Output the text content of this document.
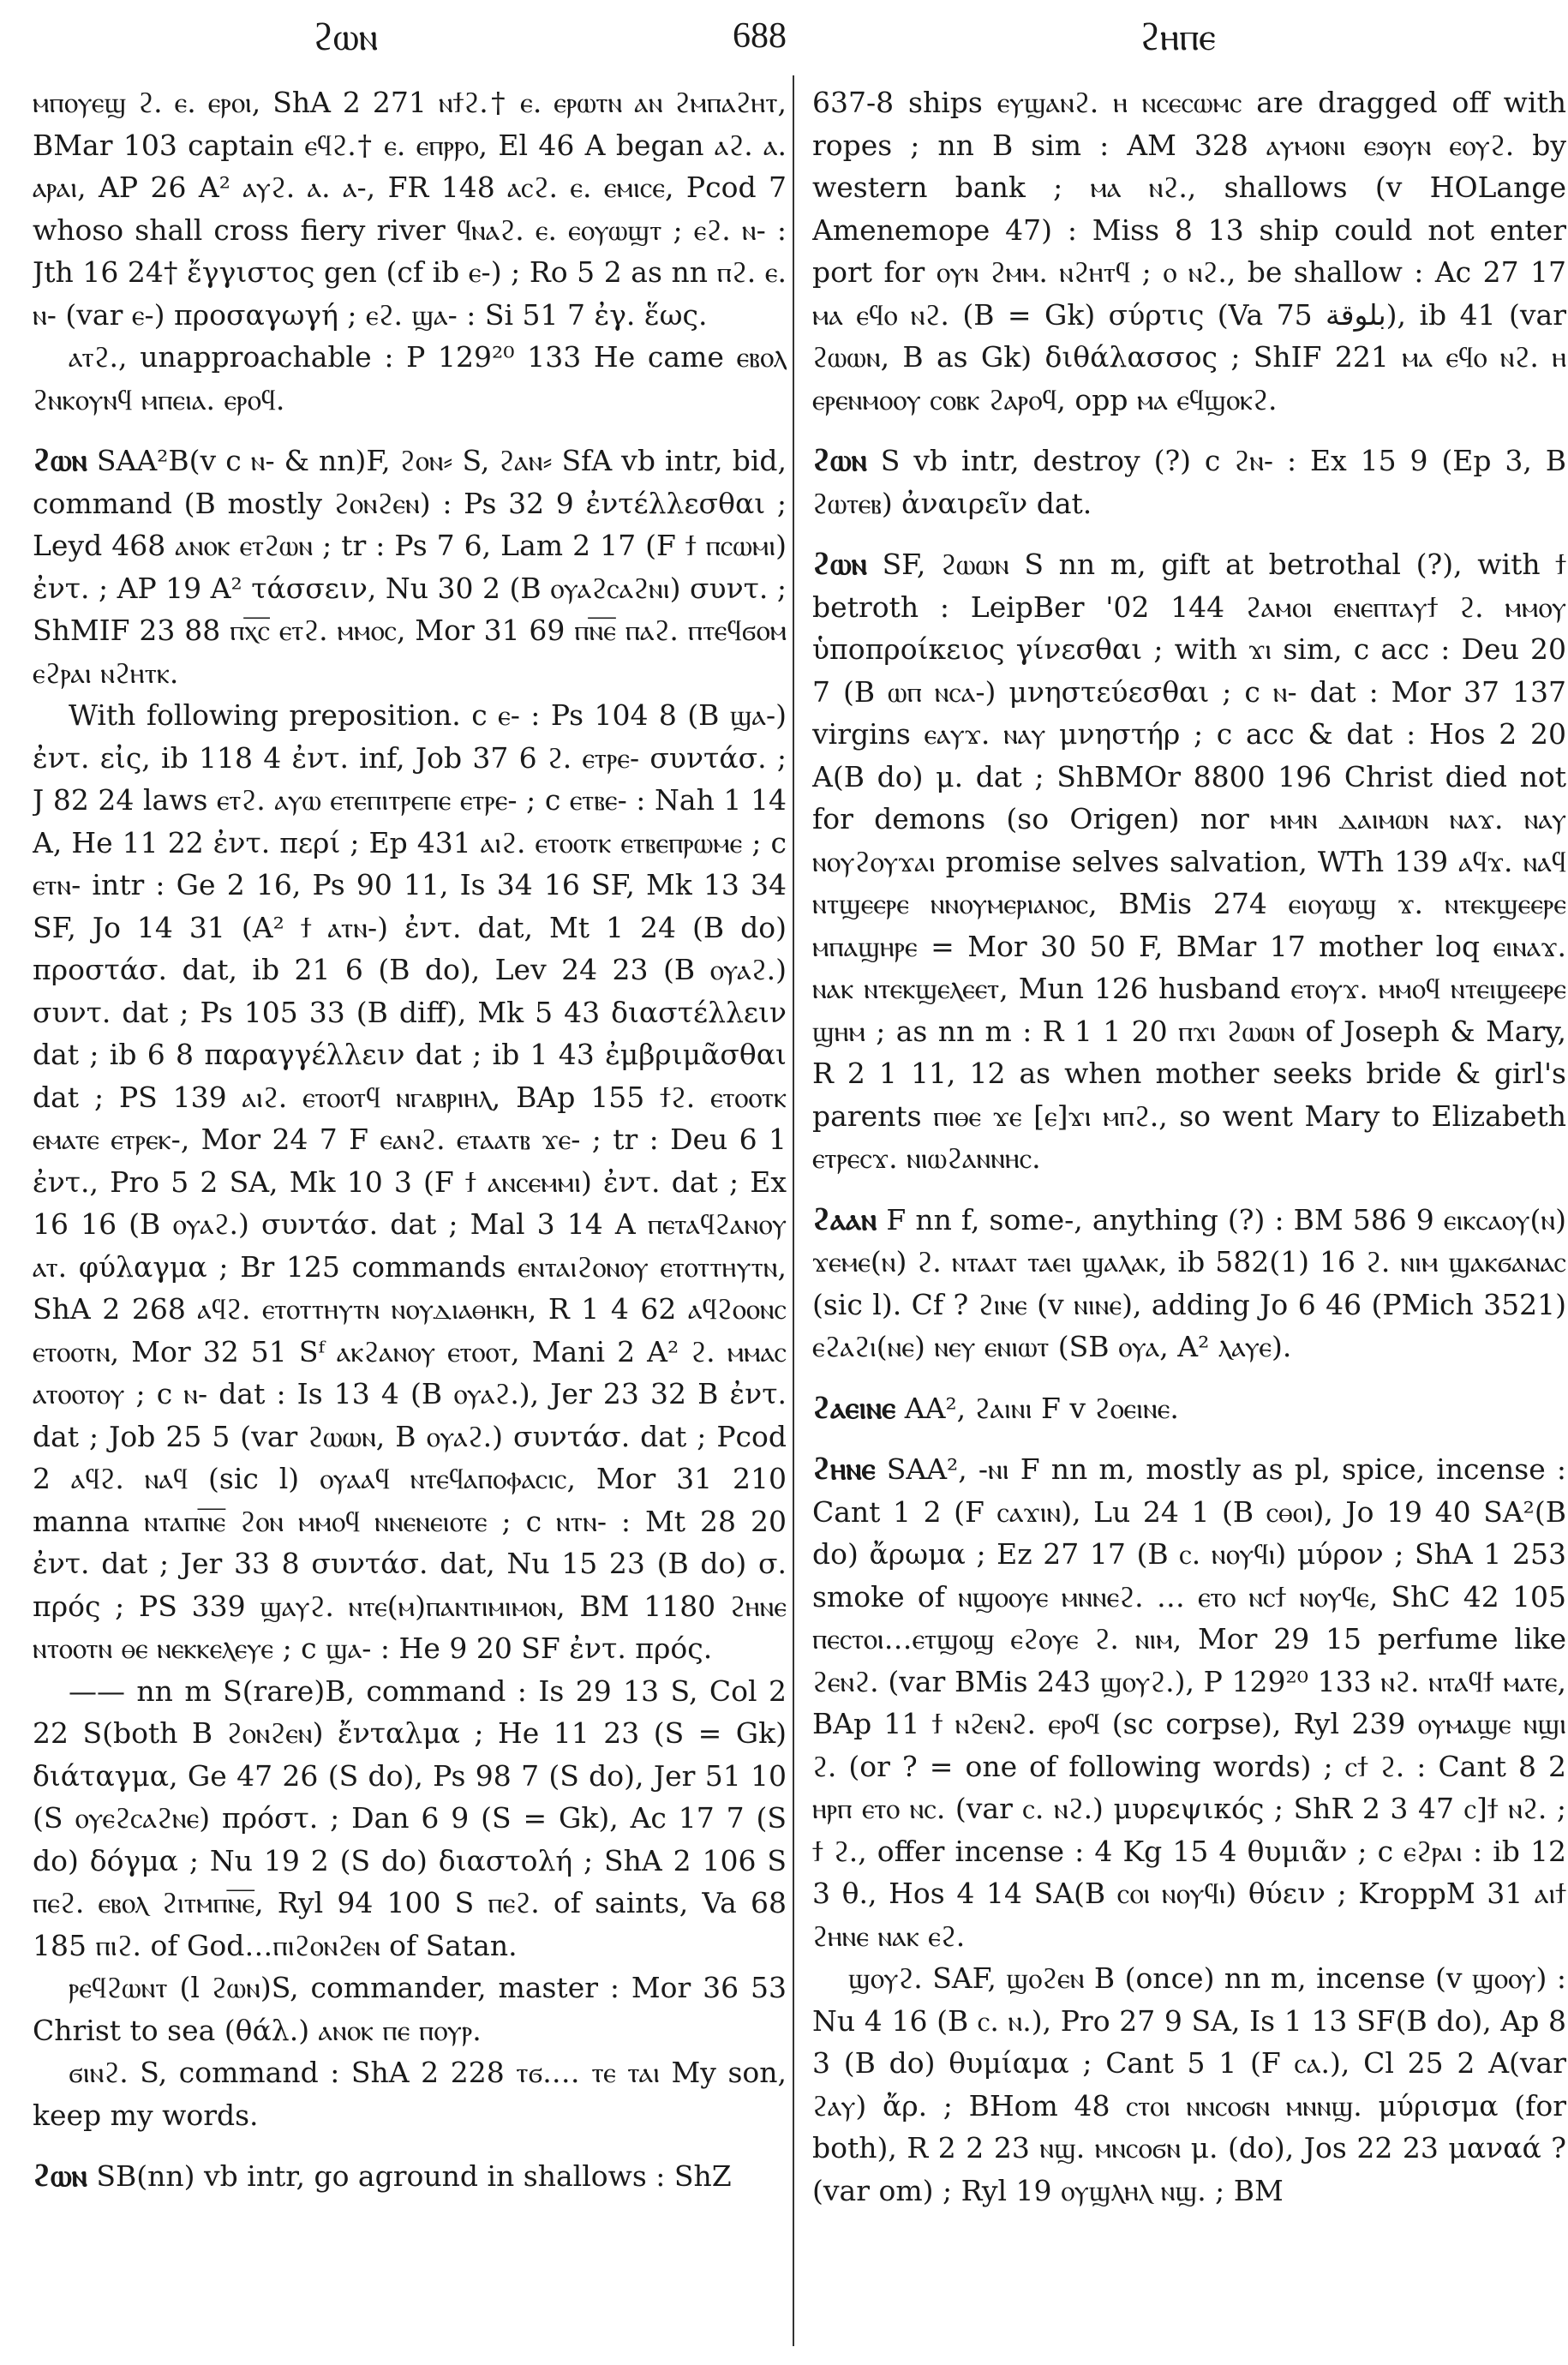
ϩⲱⲛ	688	ϩⲏⲡⲉ

ⲙⲡⲟⲩⲉϣ ϩ. ⲉ. ⲉⲣⲟⲓ, ShA 2 271 ⲛϯϩ.† ⲉ. ⲉⲣⲱⲧⲛ ⲁⲛ ϩⲙⲡⲁϩⲏⲧ, BMar 103 captain ⲉϥϩ.† ⲉ. ⲉⲡⲣⲣⲟ, El 46 A began ⲁϩ. ⲁ. ⲁⲣⲁⲓ, AP 26 A² ⲁⲩϩ. ⲁ. ⲁ-, FR 148 ⲁⲥϩ. ⲉ. ⲉⲙⲓⲥⲉ, Pcod 7 whoso shall cross fiery river ϥⲛⲁϩ. ⲉ. ⲉⲟⲩⲱϣⲧ ; ⲉϩ. ⲛ- : Jth 16 24† ἔγγιστος gen (cf ib ⲉ-) ; Ro 5 2 as nn ⲡϩ. ⲉ. ⲛ- (var ⲉ-) προσαγωγή ; ⲉϩ. ϣⲁ- : Si 51 7 ἐγ. ἕως.

ⲁⲧϩ., unapproachable : P 129²⁰ 133 He came ⲉⲃⲟⲗ ϩⲛⲕⲟⲩⲛϥ ⲙⲡⲉⲓⲁ. ⲉⲣⲟϥ.

ϩⲱⲛ SAA²B(v c ⲛ- & nn)F, ϩⲟⲛ⸗ S, ϩⲁⲛ⸗ SfA vb intr, bid, command (B mostly ϩⲟⲛϩⲉⲛ) : Ps 32 9 ἐντέλλεσθαι ; Leyd 468 ⲁⲛⲟⲕ ⲉⲧϩⲱⲛ ; tr : Ps 7 6, Lam 2 17 (F ϯ ⲡⲥⲱⲙⲓ) ἐντ. ; AP 19 A² τάσσειν, Nu 30 2 (B ⲟⲩⲁϩⲥⲁϩⲛⲓ) συντ. ; ShMIF 23 88 ⲡⲭ̅ⲥ̅ ⲉⲧϩ. ⲙⲙⲟⲥ, Mor 31 69 ⲡⲛ̅ⲉ̅ ⲡⲁϩ. ⲡⲧⲉϥϭⲟⲙ ⲉϩⲣⲁⲓ ⲛϩⲏⲧⲕ.

With following preposition. c ⲉ- : Ps 104 8 (B ϣⲁ-) ἐντ. εἰς, ib 118 4 ἐντ. inf, Job 37 6 ϩ. ⲉⲧⲣⲉ- συντάσ. ; J 82 24 laws ⲉⲧϩ. ⲁⲩⲱ ⲉⲧⲉⲡⲓⲧⲣⲉⲡⲉ ⲉⲧⲣⲉ- ; c ⲉⲧⲃⲉ- : Nah 1 14 A, He 11 22 ἐντ. περί ; Ep 431 ⲁⲓϩ. ⲉⲧⲟⲟⲧⲕ ⲉⲧⲃⲉⲡⲣⲱⲙⲉ ; c ⲉⲧⲛ- intr : Ge 2 16, Ps 90 11, Is 34 16 SF, Mk 13 34 SF, Jo 14 31 (A² ϯ ⲁⲧⲛ-) ἐντ. dat, Mt 1 24 (B do) προστάσ. dat, ib 21 6 (B do), Lev 24 23 (B ⲟⲩⲁϩ.) συντ. dat ; Ps 105 33 (B diff), Mk 5 43 διαστέλλειν dat ; ib 6 8 παραγγέλλειν dat ; ib 1 43 ἐμβριμᾶσθαι dat ; PS 139 ⲁⲓϩ. ⲉⲧⲟⲟⲧϥ ⲛⲅⲁⲃⲣⲓⲏⲗ, BAp 155 ϯϩ. ⲉⲧⲟⲟⲧⲕ ⲉⲙⲁⲧⲉ ⲉⲧⲣⲉⲕ-, Mor 24 7 F ⲉⲁⲛϩ. ⲉⲧⲁⲁⲧⲃ ϫⲉ- ; tr : Deu 6 1 ἐντ., Pro 5 2 SA, Mk 10 3 (F ϯ ⲁⲛⲥⲉⲙⲙⲓ) ἐντ. dat ; Ex 16 16 (B ⲟⲩⲁϩ.) συντάσ. dat ; Mal 3 14 A ⲡⲉⲧⲁϥϩⲁⲛⲟⲩ ⲁⲧ. φύλαγμα ; Br 125 commands ⲉⲛⲧⲁⲓϩⲟⲛⲟⲩ ⲉⲧⲟⲧⲧⲏⲩⲧⲛ, ShA 2 268 ⲁϥϩ. ⲉⲧⲟⲧⲧⲏⲩⲧⲛ ⲛⲟⲩⲇⲓⲁⲑⲏⲕⲏ, R 1 4 62 ⲁϥϩⲟⲟⲛⲥ ⲉⲧⲟⲟⲧⲛ, Mor 32 51 Sᶠ ⲁⲕϩⲁⲛⲟⲩ ⲉⲧⲟⲟⲧ, Mani 2 A² ϩ. ⲙⲙⲁⲥ ⲁⲧⲟⲟⲧⲟⲩ ; c ⲛ- dat : Is 13 4 (B ⲟⲩⲁϩ.), Jer 23 32 B ἐντ. dat ; Job 25 5 (var ϩⲱⲱⲛ, B ⲟⲩⲁϩ.) συντάσ. dat ; Pcod 2 ⲁϥϩ. ⲛⲁϥ (sic l) ⲟⲩⲁⲁϥ ⲛⲧⲉϥⲁⲡⲟⲫⲁⲥⲓⲥ, Mor 31 210 manna ⲛⲧⲁⲡⲛ̅ⲉ̅ ϩⲟⲛ ⲙⲙⲟϥ ⲛⲛⲉⲛⲉⲓⲟⲧⲉ ; c ⲛⲧⲛ- : Mt 28 20 ἐντ. dat ; Jer 33 8 συντάσ. dat, Nu 15 23 (B do) σ. πρός ; PS 339 ϣⲁⲩϩ. ⲛⲧⲉ(ⲙ)ⲡⲁⲛⲧⲓⲙⲓⲙⲟⲛ, BM 1180 ϩⲏⲛⲉ ⲛⲧⲟⲟⲧⲛ ⲑⲉ ⲛⲉⲕⲕⲉⲗⲉⲩⲉ ; c ϣⲁ- : He 9 20 SF ἐντ. πρός.

—— nn m S(rare)B, command : Is 29 13 S, Col 2 22 S(both B ϩⲟⲛϩⲉⲛ) ἔνταλμα ; He 11 23 (S = Gk) διάταγμα, Ge 47 26 (S do), Ps 98 7 (S do), Jer 51 10 (S ⲟⲩⲉϩⲥⲁϩⲛⲉ) πρόστ. ; Dan 6 9 (S = Gk), Ac 17 7 (S do) δόγμα ; Nu 19 2 (S do) διαστολή ; ShA 2 106 S ⲡⲉϩ. ⲉⲃⲟⲗ ϩⲓⲧⲙⲡⲛ̅ⲉ̅, Ryl 94 100 S ⲡⲉϩ. of saints, Va 68 185 ⲡⲓϩ. of God…ⲡⲓϩⲟⲛϩⲉⲛ of Satan.

ⲣⲉϥϩⲱⲛⲧ (l ϩⲱⲛ)S, commander, master : Mor 36 53 Christ to sea (θάλ.) ⲁⲛⲟⲕ ⲡⲉ ⲡⲟⲩⲣ.

ϭⲓⲛϩ. S, command : ShA 2 228 ⲧϭ.… ⲧⲉ ⲧⲁⲓ My son, keep my words.

ϩⲱⲛ SB(nn) vb intr, go aground in shallows : ShZ

637-8 ships ⲉⲩϣⲁⲛϩ. ⲏ ⲛⲥⲉⲥⲱⲙⲥ are dragged off with ropes ; nn B sim : AM 328 ⲁⲩⲙⲟⲛⲓ ⲉϧⲟⲩⲛ ⲉⲟⲩϩ. by western bank ; ⲙⲁ ⲛϩ., shallows (v HOLange Amenemope 47) : Miss 8 13 ship could not enter port for ⲟⲩⲛ ϩⲙⲙ. ⲛϩⲏⲧϥ ; ⲟ ⲛϩ., be shallow : Ac 27 17 ⲙⲁ ⲉϥⲟ ⲛϩ. (B = Gk) σύρτις (Va 75 بلوقة), ib 41 (var ϩⲱⲱⲛ, B as Gk) διθάλασσος ; ShIF 221 ⲙⲁ ⲉϥⲟ ⲛϩ. ⲏ ⲉⲣⲉⲛⲙⲟⲟⲩ ⲥⲟⲃⲕ ϩⲁⲣⲟϥ, opp ⲙⲁ ⲉϥϣⲟⲕϩ.

ϩⲱⲛ S vb intr, destroy (?) c ϩⲛ- : Ex 15 9 (Ep 3, B ϩⲱⲧⲉⲃ) ἀναιρεῖν dat.

ϩⲱⲛ SF, ϩⲱⲱⲛ S nn m, gift at betrothal (?), with ϯ betroth : LeipBer '02 144 ϩⲁⲙⲟⲓ ⲉⲛⲉⲡⲧⲁⲩϯ ϩ. ⲙⲙⲟⲩ ὑποπροίκειος γίνεσθαι ; with ϫⲓ sim, c acc : Deu 20 7 (B ⲱⲡ ⲛⲥⲁ-) μνηστεύεσθαι ; c ⲛ- dat : Mor 37 137 virgins ⲉⲁⲩϫ. ⲛⲁⲩ μνηστήρ ; c acc & dat : Hos 2 20 A(B do) μ. dat ; ShBMOr 8800 196 Christ died not for demons (so Origen) nor ⲙⲙⲛ ⲇⲁⲓⲙⲱⲛ ⲛⲁϫ. ⲛⲁⲩ ⲛⲟⲩϩⲟⲩϫⲁⲓ promise selves salvation, WTh 139 ⲁϥϫ. ⲛⲁϥ ⲛⲧϣⲉⲉⲣⲉ ⲛⲛⲟⲩⲙⲉⲣⲓⲁⲛⲟⲥ, BMis 274 ⲉⲓⲟⲩⲱϣ ϫ. ⲛⲧⲉⲕϣⲉⲉⲣⲉ ⲙⲡⲁϣⲏⲣⲉ = Mor 30 50 F, BMar 17 mother loq ⲉⲓⲛⲁϫ. ⲛⲁⲕ ⲛⲧⲉⲕϣⲉⲗⲉⲉⲧ, Mun 126 husband ⲉⲧⲟⲩϫ. ⲙⲙⲟϥ ⲛⲧⲉⲓϣⲉⲉⲣⲉ ϣⲏⲙ ; as nn m : R 1 1 20 ⲡϫⲓ ϩⲱⲱⲛ of Joseph & Mary, R 2 1 11, 12 as when mother seeks bride & girl's parents ⲡⲓⲑⲉ ϫⲉ [ⲉ]ϫⲓ ⲙⲡϩ., so went Mary to Elizabeth ⲉⲧⲣⲉⲥϫ. ⲛⲓⲱϩⲁⲛⲛⲏⲥ.

ϩⲁⲁⲛ F nn f, some-, anything (?) : BM 586 9 ⲉⲓⲕⲥⲁⲟⲩ(ⲛ) ϫⲉⲙⲉ(ⲛ) ϩ. ⲛⲧⲁⲁⲧ ⲧⲁⲉⲓ ϣⲁⲗⲁⲕ, ib 582(1) 16 ϩ. ⲛⲓⲙ ϣⲁⲕϭⲁⲛⲁⲥ (sic l). Cf ? ϩⲓⲛⲉ (v ⲛⲓⲛⲉ), adding Jo 6 46 (PMich 3521) ⲉϩⲁϩⲓ(ⲛⲉ) ⲛⲉⲩ ⲉⲛⲓⲱⲧ (SB ⲟⲩⲁ, A² ⲗⲁⲩⲉ).

ϩⲁⲉⲓⲛⲉ AA², ϩⲁⲓⲛⲓ F v ϩⲟⲉⲓⲛⲉ.

ϩⲏⲛⲉ SAA², -ⲛⲓ F nn m, mostly as pl, spice, incense : Cant 1 2 (F ⲥⲁϫⲓⲛ), Lu 24 1 (B ⲥⲑⲟⲓ), Jo 19 40 SA²(B do) ἄρωμα ; Ez 27 17 (B ⲥ. ⲛⲟⲩϥⲓ) μύρον ; ShA 1 253 smoke of ⲛϣⲟⲟⲩⲉ ⲙⲛⲛⲉϩ. … ⲉⲧⲟ ⲛⲥϯ ⲛⲟⲩϥⲉ, ShC 42 105 ⲡⲉⲥⲧⲟⲓ…ⲉⲧϣⲟϣ ⲉϩⲟⲩⲉ ϩ. ⲛⲓⲙ, Mor 29 15 perfume like ϩⲉⲛϩ. (var BMis 243 ϣⲟⲩϩ.), P 129²⁰ 133 ⲛϩ. ⲛⲧⲁϥϯ ⲙⲁⲧⲉ, BAp 11 ϯ ⲛϩⲉⲛϩ. ⲉⲣⲟϥ (sc corpse), Ryl 239 ⲟⲩⲙⲁϣⲉ ⲛϣⲓ ϩ. (or ? = one of following words) ; ⲥϯ ϩ. : Cant 8 2 ⲏⲣⲡ ⲉⲧⲟ ⲛⲥ. (var ⲥ. ⲛϩ.) μυρεψικός ; ShR 2 3 47 ⲥ]ϯ ⲛϩ. ; ϯ ϩ., offer incense : 4 Kg 15 4 θυμιᾶν ; c ⲉϩⲣⲁⲓ : ib 12 3 θ., Hos 4 14 SA(B ⲥⲟⲓ ⲛⲟⲩϥⲓ) θύειν ; KroppM 31 ⲁⲓϯ ϩⲏⲛⲉ ⲛⲁⲕ ⲉϩ.

ϣⲟⲩϩ. SAF, ϣⲟϩⲉⲛ B (once) nn m, incense (v ϣⲟⲟⲩ) : Nu 4 16 (B ⲥ. ⲛ.), Pro 27 9 SA, Is 1 13 SF(B do), Ap 8 3 (B do) θυμίαμα ; Cant 5 1 (F ⲥⲁ.), Cl 25 2 A(var ϩⲁⲩ) ἄρ. ; BHom 48 ⲥⲧⲟⲓ ⲛⲛⲥⲟϭⲛ ⲙⲛⲛϣ. μύρισμα (for both), R 2 2 23 ⲛϣ. ⲙⲛⲥⲟϭⲛ μ. (do), Jos 22 23 μαναά ? (var om) ; Ryl 19 ⲟⲩϣⲗⲏⲗ ⲛϣ. ; BM
